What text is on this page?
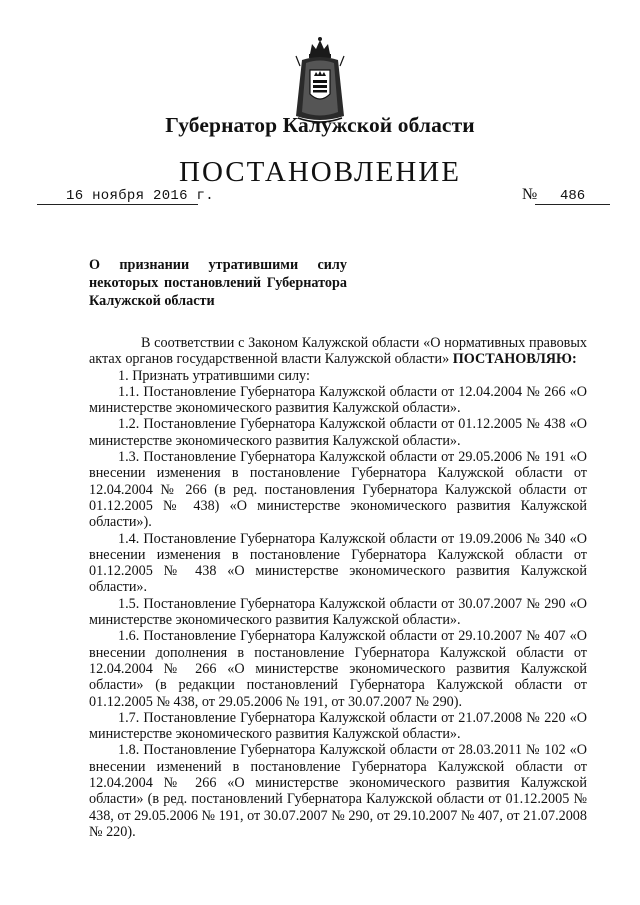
Губернатор Калужской области
ПОСТАНОВЛЕНИЕ
16 ноября 2016 г.	№ 486
О признании утратившими силу
некоторых постановлений Губернатора
Калужской области

В соответствии с Законом Калужской области «О нормативных правовых актах органов государственной власти Калужской области» ПОСТАНОВЛЯЮ:

1. Признать утратившими силу:

1.1. Постановление Губернатора Калужской области от 12.04.2004 № 266 «О министерстве экономического развития Калужской области».

1.2. Постановление Губернатора Калужской области от 01.12.2005 № 438 «О министерстве экономического развития Калужской области».

1.3. Постановление Губернатора Калужской области от 29.05.2006 № 191 «О внесении изменения в постановление Губернатора Калужской области от 12.04.2004 № 266 (в ред. постановления Губернатора Калужской области от 01.12.2005 № 438) «О министерстве экономического развития Калужской области»).

1.4. Постановление Губернатора Калужской области от 19.09.2006 № 340 «О внесении изменения в постановление Губернатора Калужской области от 01.12.2005 № 438 «О министерстве экономического развития Калужской области».

1.5. Постановление Губернатора Калужской области от 30.07.2007 № 290 «О министерстве экономического развития Калужской области».

1.6. Постановление Губернатора Калужской области от 29.10.2007 № 407 «О внесении дополнения в постановление Губернатора Калужской области от 12.04.2004 № 266 «О министерстве экономического развития Калужской области» (в редакции постановлений Губернатора Калужской области от 01.12.2005 № 438, от 29.05.2006 № 191, от 30.07.2007 № 290).

1.7. Постановление Губернатора Калужской области от 21.07.2008 № 220 «О министерстве экономического развития Калужской области».

1.8. Постановление Губернатора Калужской области от 28.03.2011 № 102 «О внесении изменений в постановление Губернатора Калужской области от 12.04.2004 № 266 «О министерстве экономического развития Калужской области» (в ред. постановлений Губернатора Калужской области от 01.12.2005 № 438, от 29.05.2006 № 191, от 30.07.2007 № 290, от 29.10.2007 № 407, от 21.07.2008 № 220).
